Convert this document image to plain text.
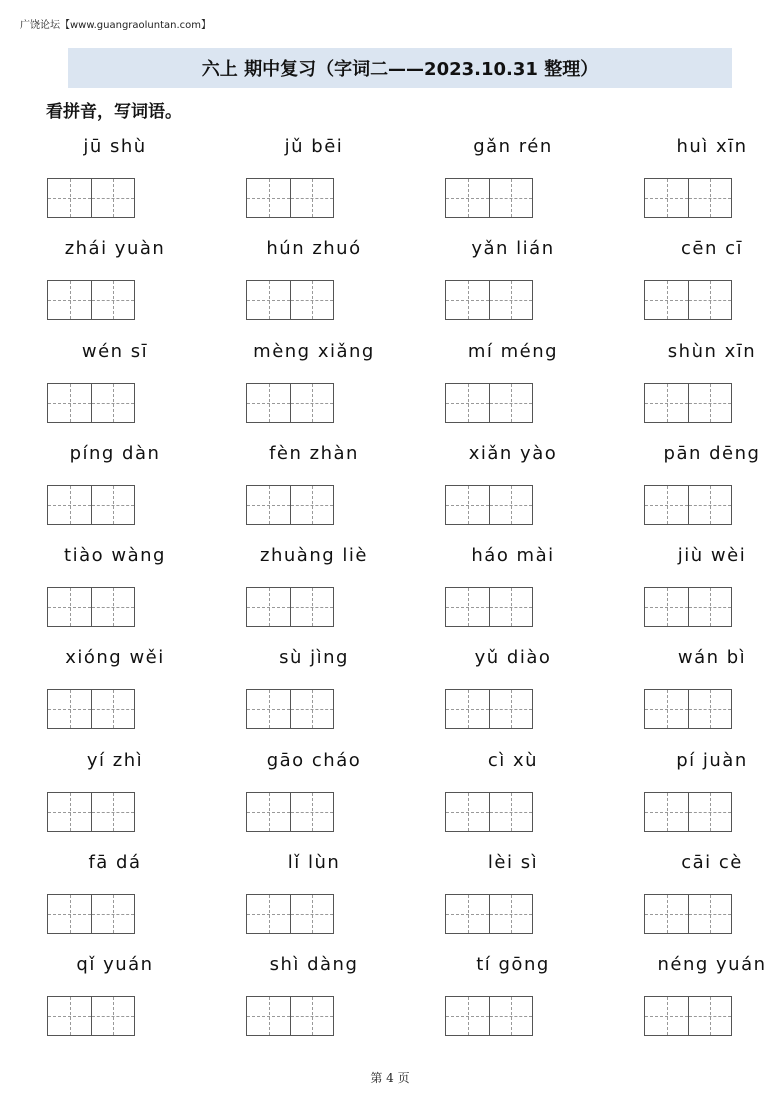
广饶论坛【www.guangraoluntan.com】
六上 期中复习（字词二——2023.10.31 整理）
看拼音，写词语。
jū shù	jǔ bēi	gǎn rén	huì xīn
zhái yuàn	hún zhuó	yǎn lián	cēn cī
wén sī	mèng xiǎng	mí méng	shùn xīn
píng dàn	fèn zhàn	xiǎn yào	pān dēng
tiào wàng	zhuàng liè	háo mài	jiù wèi
xióng wěi	sù jìng	yǔ diào	wán bì
yí zhì	gāo cháo	cì xù	pí juàn
fā dá	lǐ lùn	lèi sì	cāi cè
qǐ yuán	shì dàng	tí gōng	néng yuán
第 4 页
